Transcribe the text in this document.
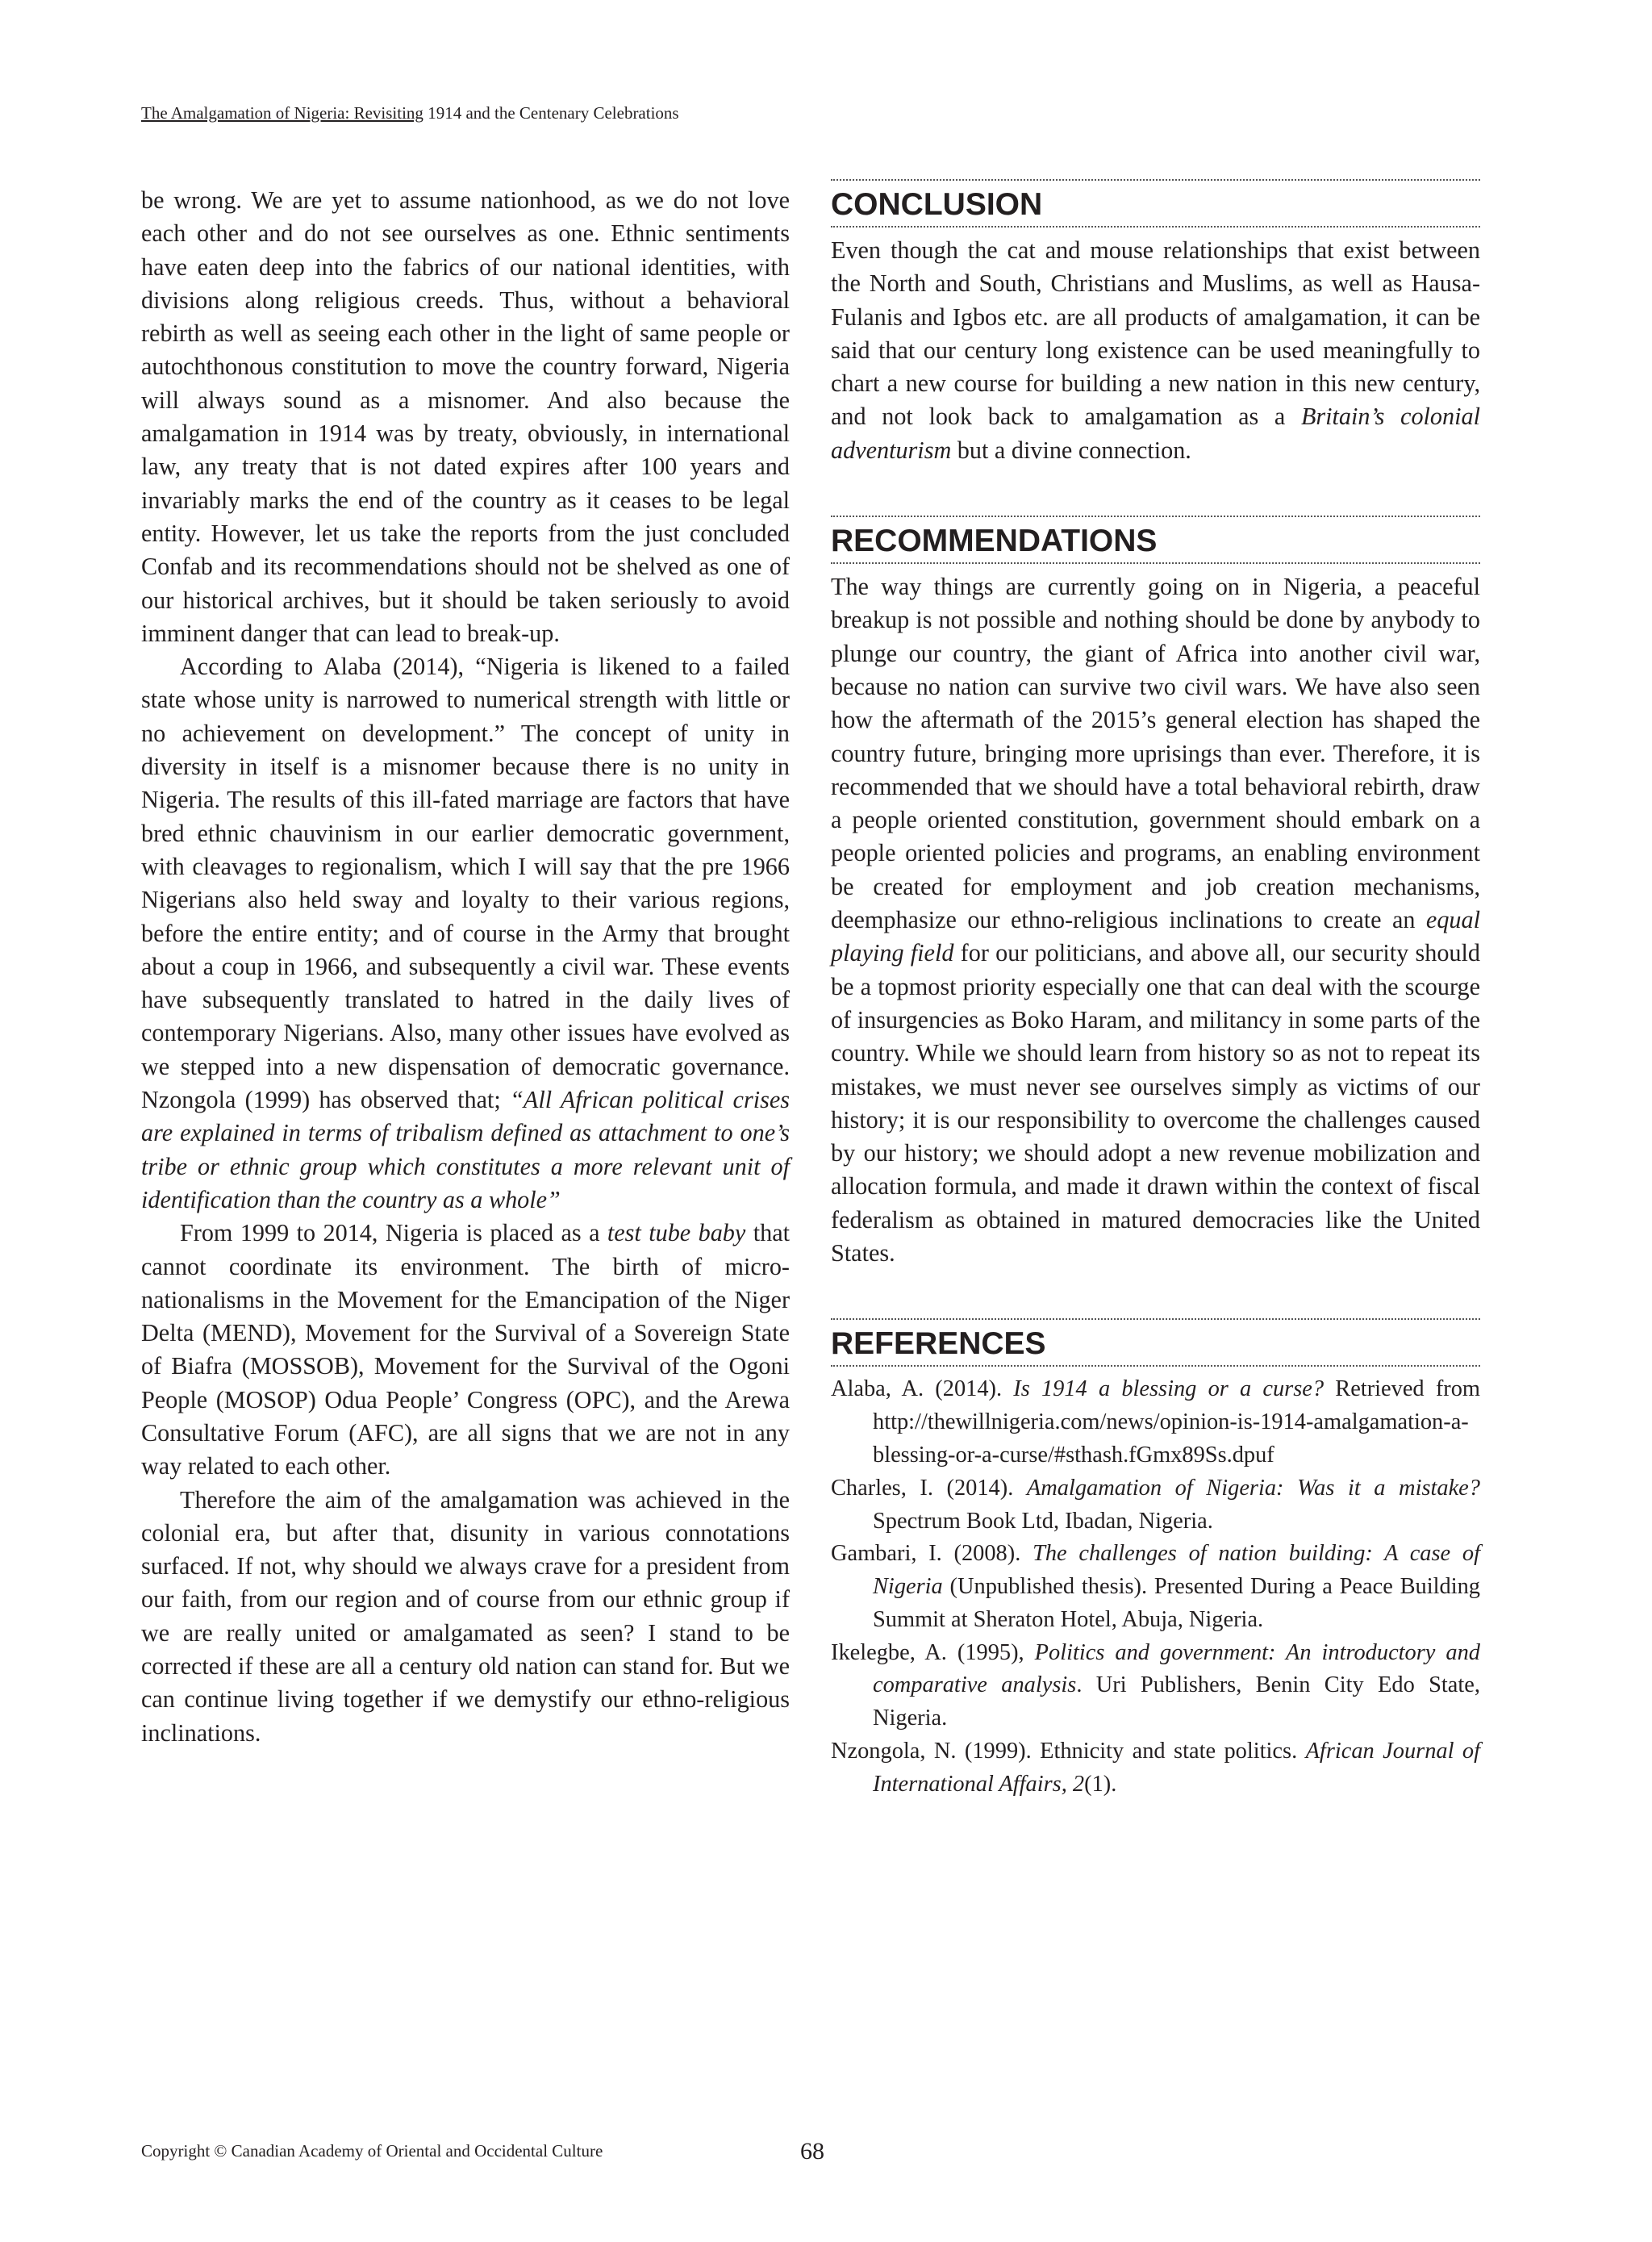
The Amalgamation of Nigeria: Revisiting 1914 and the Centenary Celebrations

be wrong. We are yet to assume nationhood, as we do not love each other and do not see ourselves as one. Ethnic sentiments have eaten deep into the fabrics of our national identities, with divisions along religious creeds. Thus, without a behavioral rebirth as well as seeing each other in the light of same people or autochthonous constitution to move the country forward, Nigeria will always sound as a misnomer. And also because the amalgamation in 1914 was by treaty, obviously, in international law, any treaty that is not dated expires after 100 years and invariably marks the end of the country as it ceases to be legal entity. However, let us take the reports from the just concluded Confab and its recommendations should not be shelved as one of our historical archives, but it should be taken seriously to avoid imminent danger that can lead to break-up.

According to Alaba (2014), “Nigeria is likened to a failed state whose unity is narrowed to numerical strength with little or no achievement on development.” The concept of unity in diversity in itself is a misnomer because there is no unity in Nigeria. The results of this ill-fated marriage are factors that have bred ethnic chauvinism in our earlier democratic government, with cleavages to regionalism, which I will say that the pre 1966 Nigerians also held sway and loyalty to their various regions, before the entire entity; and of course in the Army that brought about a coup in 1966, and subsequently a civil war. These events have subsequently translated to hatred in the daily lives of contemporary Nigerians. Also, many other issues have evolved as we stepped into a new dispensation of democratic governance. Nzongola (1999) has observed that; “All African political crises are explained in terms of tribalism defined as attachment to one’s tribe or ethnic group which constitutes a more relevant unit of identification than the country as a whole”

From 1999 to 2014, Nigeria is placed as a test tube baby that cannot coordinate its environment. The birth of micro-nationalisms in the Movement for the Emancipation of the Niger Delta (MEND), Movement for the Survival of a Sovereign State of Biafra (MOSSOB), Movement for the Survival of the Ogoni People (MOSOP) Odua People’ Congress (OPC), and the Arewa Consultative Forum (AFC), are all signs that we are not in any way related to each other.

Therefore the aim of the amalgamation was achieved in the colonial era, but after that, disunity in various connotations surfaced. If not, why should we always crave for a president from our faith, from our region and of course from our ethnic group if we are really united or amalgamated as seen? I stand to be corrected if these are all a century old nation can stand for. But we can continue living together if we demystify our ethno-religious inclinations.

CONCLUSION

Even though the cat and mouse relationships that exist between the North and South, Christians and Muslims, as well as Hausa-Fulanis and Igbos etc. are all products of amalgamation, it can be said that our century long existence can be used meaningfully to chart a new course for building a new nation in this new century, and not look back to amalgamation as a Britain’s colonial adventurism but a divine connection.

RECOMMENDATIONS

The way things are currently going on in Nigeria, a peaceful breakup is not possible and nothing should be done by anybody to plunge our country, the giant of Africa into another civil war, because no nation can survive two civil wars. We have also seen how the aftermath of the 2015’s general election has shaped the country future, bringing more uprisings than ever. Therefore, it is recommended that we should have a total behavioral rebirth, draw a people oriented constitution, government should embark on a people oriented policies and programs, an enabling environment be created for employment and job creation mechanisms, deemphasize our ethno-religious inclinations to create an equal playing field for our politicians, and above all, our security should be a topmost priority especially one that can deal with the scourge of insurgencies as Boko Haram, and militancy in some parts of the country. While we should learn from history so as not to repeat its mistakes, we must never see ourselves simply as victims of our history; it is our responsibility to overcome the challenges caused by our history; we should adopt a new revenue mobilization and allocation formula, and made it drawn within the context of fiscal federalism as obtained in matured democracies like the United States.

REFERENCES

Alaba, A. (2014). Is 1914 a blessing or a curse? Retrieved from http://thewillnigeria.com/news/opinion-is-1914-amalgamation-a-blessing-or-a-curse/#sthash.fGmx89Ss.dpuf

Charles, I. (2014). Amalgamation of Nigeria: Was it a mistake? Spectrum Book Ltd, Ibadan, Nigeria.

Gambari, I. (2008). The challenges of nation building: A case of Nigeria (Unpublished thesis). Presented During a Peace Building Summit at Sheraton Hotel, Abuja, Nigeria.

Ikelegbe, A. (1995), Politics and government: An introductory and comparative analysis. Uri Publishers, Benin City Edo State, Nigeria.

Nzongola, N. (1999). Ethnicity and state politics. African Journal of International Affairs, 2(1).

Copyright © Canadian Academy of Oriental and Occidental Culture	68
